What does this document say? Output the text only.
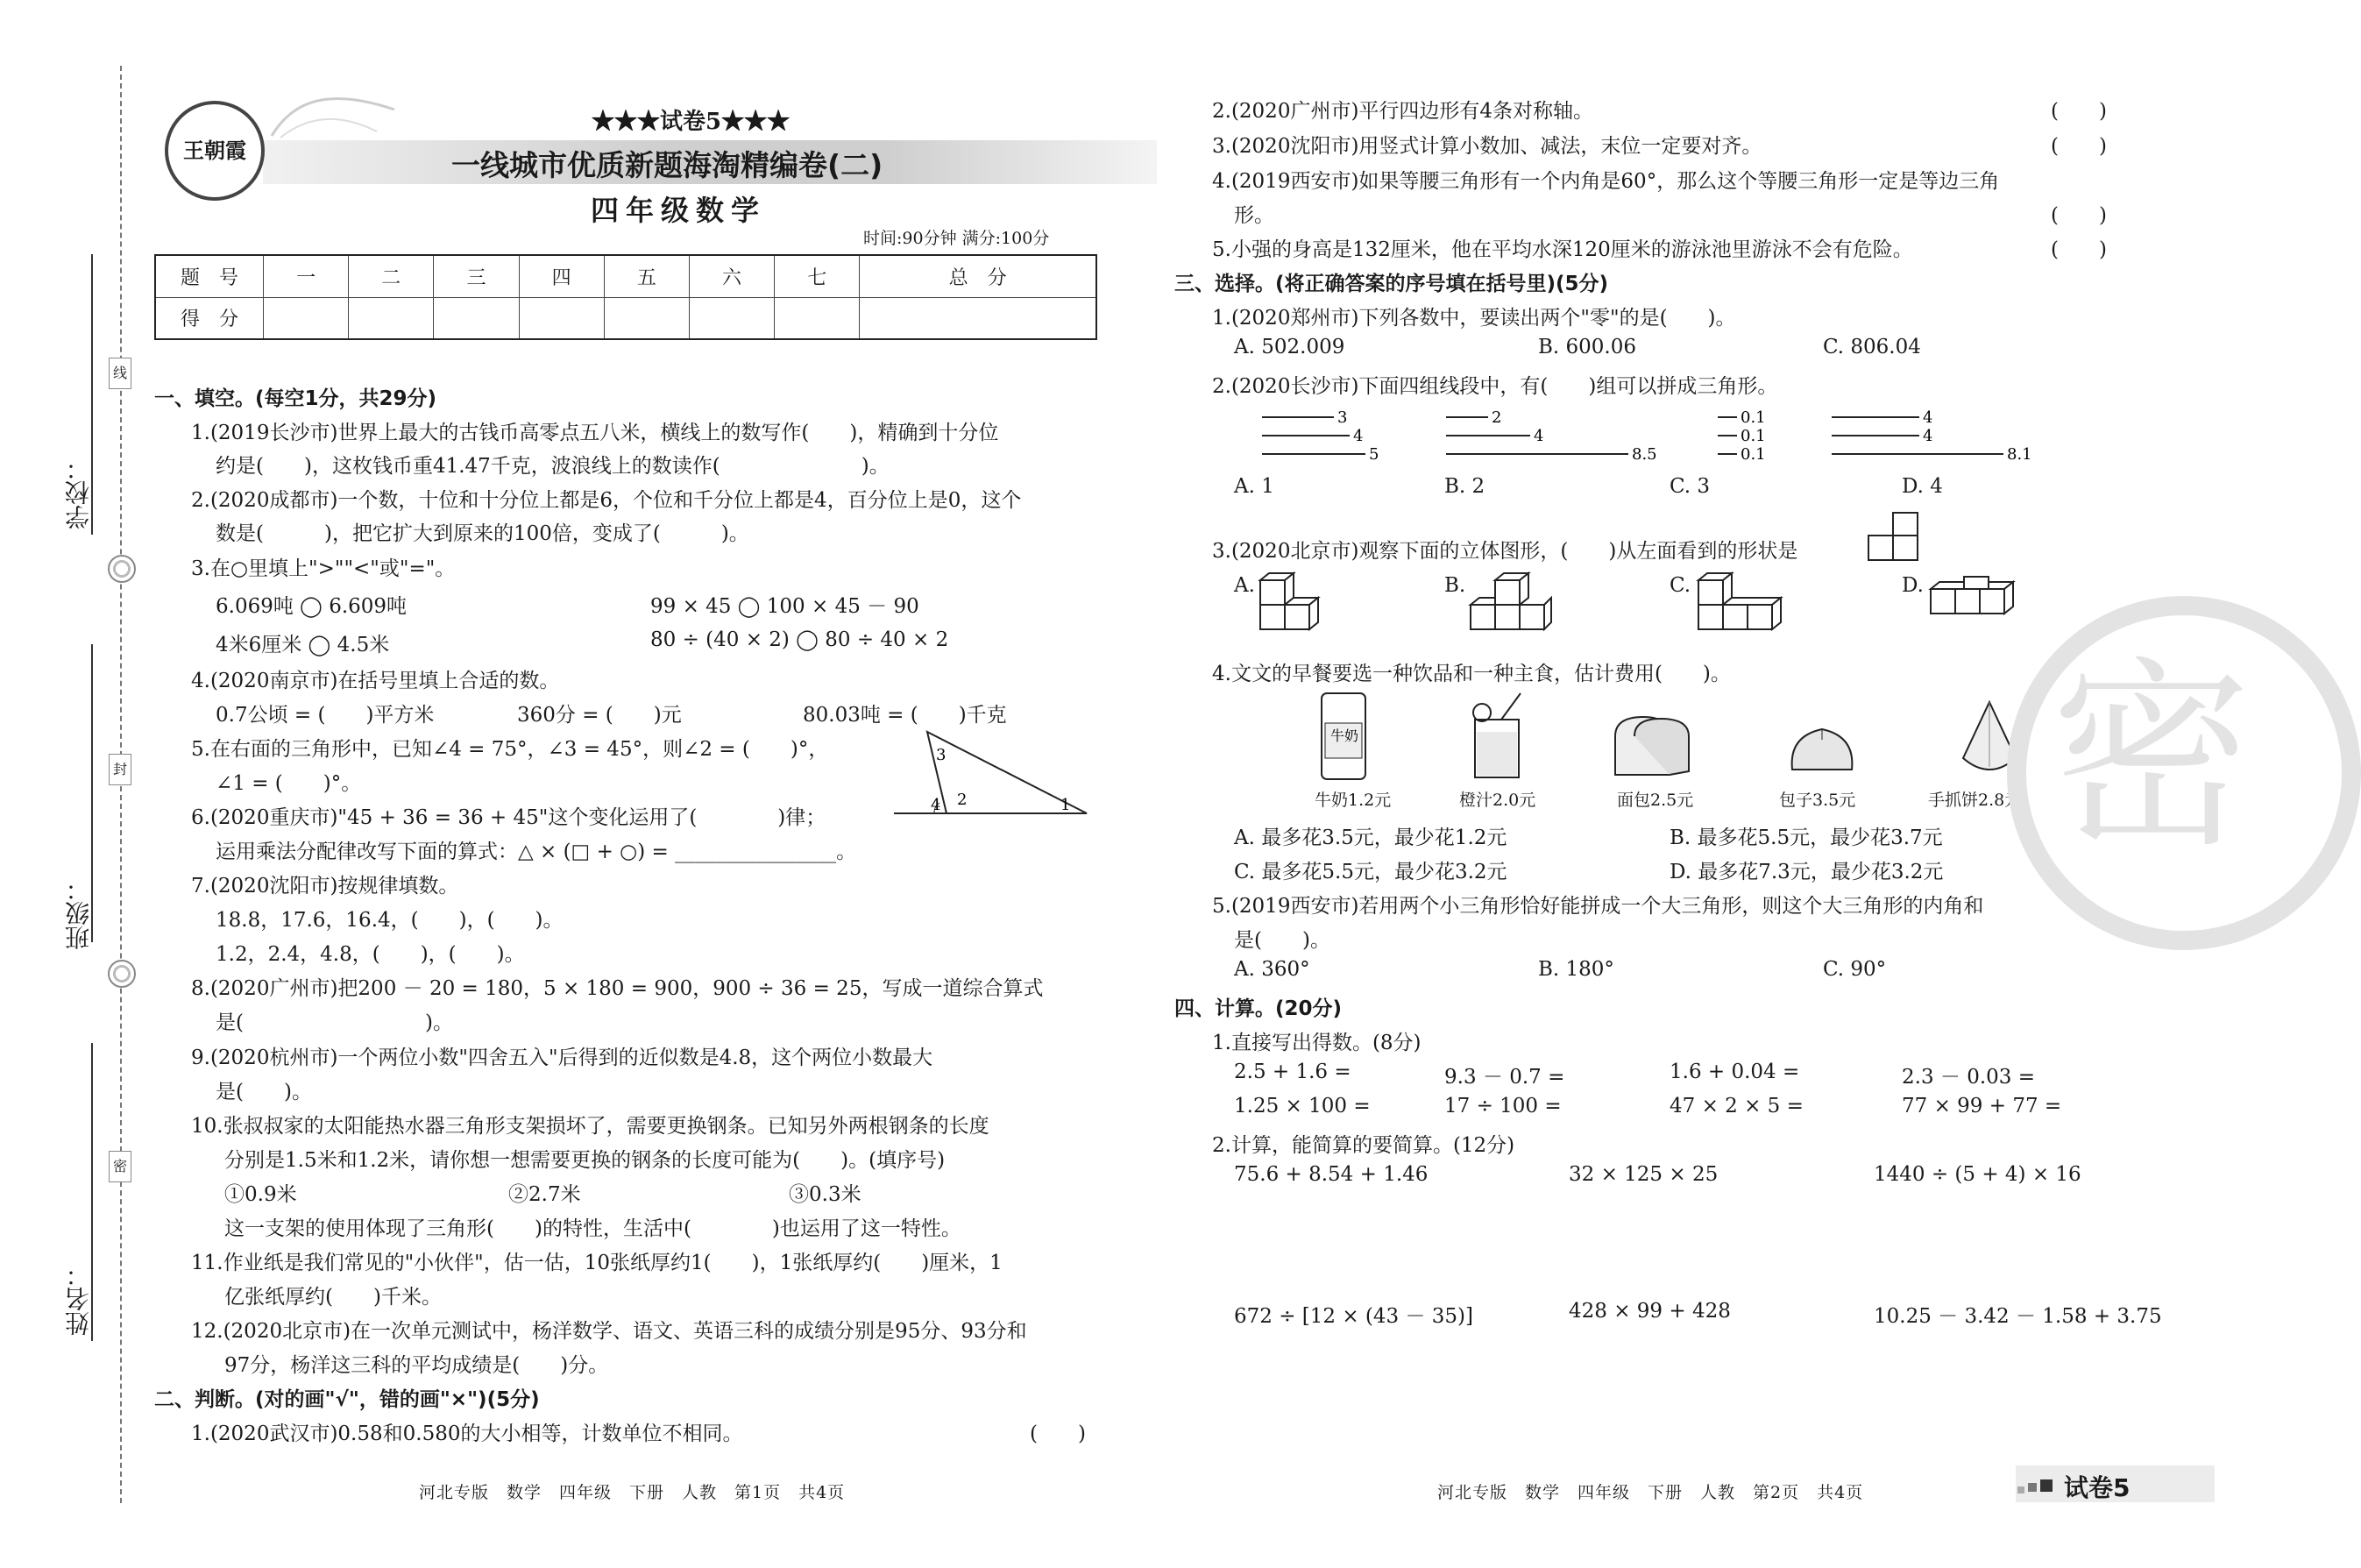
学校：
班级：
姓名：
线
封
密
王朝霞
★★★试卷5★★★
一线城市优质新题海淘精编卷(二)
四年级数学
时间:90分钟 满分:100分
题　号	一	二	三	四	五	六	七	总　分
得　分								
一、填空。(每空1分，共29分)
1.(2019长沙市)世界上最大的古钱币高零点五八米，横线上的数写作(　　)，精确到十分位
约是(　　)，这枚钱币重41.47千克，波浪线上的数读作(　　　　　　　)。
2.(2020成都市)一个数，十位和十分位上都是6，个位和千分位上都是4，百分位上是0，这个
数是(　　　)，把它扩大到原来的100倍，变成了(　　　)。
3.在○里填上">""<"或"="。
6.069吨 ◯ 6.609吨	99 × 45 ◯ 100 × 45 － 90
4米6厘米 ◯ 4.5米	80 ÷ (40 × 2) ◯ 80 ÷ 40 × 2
4.(2020南京市)在括号里填上合适的数。
0.7公顷 = (　　)平方米	360分 = (　　)元	80.03吨 = (　　)千克
5.在右面的三角形中，已知∠4 = 75°，∠3 = 45°，则∠2 = (　　)°，
∠1 = (　　)°。
3
4 2	1
6.(2020重庆市)"45 + 36 = 36 + 45"这个变化运用了(　　　　)律；
运用乘法分配律改写下面的算式：△ × (□ + ○) = ________________。
7.(2020沈阳市)按规律填数。
18.8，17.6，16.4，(　　)，(　　)。
1.2，2.4，4.8，(　　)，(　　)。
8.(2020广州市)把200 － 20 = 180，5 × 180 = 900，900 ÷ 36 = 25，写成一道综合算式
是(　　　　　　　　　)。
9.(2020杭州市)一个两位小数"四舍五入"后得到的近似数是4.8，这个两位小数最大
是(　　)。
10.张叔叔家的太阳能热水器三角形支架损坏了，需要更换钢条。已知另外两根钢条的长度
分别是1.5米和1.2米，请你想一想需要更换的钢条的长度可能为(　　)。(填序号)
①0.9米	②2.7米	③0.3米
这一支架的使用体现了三角形(　　)的特性，生活中(　　　　)也运用了这一特性。
11.作业纸是我们常见的"小伙伴"，估一估，10张纸厚约1(　　)，1张纸厚约(　　)厘米，1
亿张纸厚约(　　)千米。
12.(2020北京市)在一次单元测试中，杨洋数学、语文、英语三科的成绩分别是95分、93分和
97分，杨洋这三科的平均成绩是(　　)分。
二、判断。(对的画"√"，错的画"×")(5分)
1.(2020武汉市)0.58和0.580的大小相等，计数单位不相同。	(　　)
2.(2020广州市)平行四边形有4条对称轴。	(　　)
3.(2020沈阳市)用竖式计算小数加、减法，末位一定要对齐。	(　　)
4.(2019西安市)如果等腰三角形有一个内角是60°，那么这个等腰三角形一定是等边三角
形。	(　　)
5.小强的身高是132厘米，他在平均水深120厘米的游泳池里游泳不会有危险。	(　　)
三、选择。(将正确答案的序号填在括号里)(5分)
1.(2020郑州市)下列各数中，要读出两个"零"的是(　　)。
A. 502.009	B. 600.06	C. 806.04
2.(2020长沙市)下面四组线段中，有(　　)组可以拼成三角形。
3
4
5
2
4
8.5
0.1
0.1
0.1
4
4
8.1
A. 1	B. 2	C. 3	D. 4
3.(2020北京市)观察下面的立体图形，(　　)从左面看到的形状是
A.	B.	C.	D.
4.文文的早餐要选一种饮品和一种主食，估计费用(　　)。
牛奶
牛奶1.2元	橙汁2.0元	面包2.5元	包子3.5元	手抓饼2.8元
A. 最多花3.5元，最少花1.2元	B. 最多花5.5元，最少花3.7元
C. 最多花5.5元，最少花3.2元	D. 最多花7.3元，最少花3.2元
5.(2019西安市)若用两个小三角形恰好能拼成一个大三角形，则这个大三角形的内角和
是(　　)。
A. 360°	B. 180°	C. 90°
四、计算。(20分)
1.直接写出得数。(8分)
2.5 + 1.6 =	9.3 － 0.7 =	1.6 + 0.04 =	2.3 － 0.03 =
1.25 × 100 =	17 ÷ 100 =	47 × 2 × 5 =	77 × 99 + 77 =
2.计算，能简算的要简算。(12分)
75.6 + 8.54 + 1.46	32 × 125 × 25	1440 ÷ (5 + 4) × 16
672 ÷ [12 × (43 － 35)]	428 × 99 + 428	10.25 － 3.42 － 1.58 + 3.75
密
河北专版　数学　四年级　下册　人教　第1页　共4页	河北专版　数学　四年级　下册　人教　第2页　共4页	试卷5
